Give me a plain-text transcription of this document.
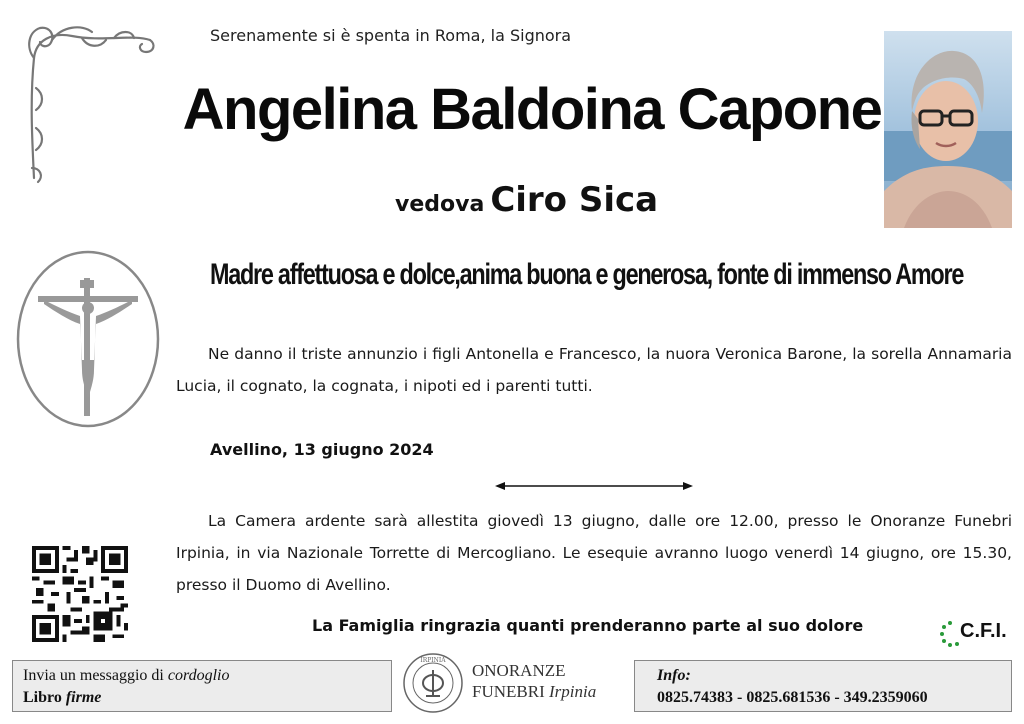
Serenamente si è spenta in Roma, la Signora
Angelina Baldoina Capone
vedova Ciro Sica
Madre affettuosa e dolce,anima buona e generosa, fonte di immenso Amore
Ne danno il triste annunzio i figli Antonella e Francesco, la nuora Veronica Barone, la sorella Annamaria Lucia, il cognato, la cognata, i nipoti ed i parenti tutti.
Avellino, 13 giugno 2024
La Camera ardente sarà allestita giovedì 13 giugno, dalle ore 12.00, presso le Onoranze Funebri Irpinia, in via Nazionale Torrette di Mercogliano. Le esequie avranno luogo venerdì 14 giugno, ore 15.30, presso il Duomo di Avellino.
La Famiglia ringrazia quanti prenderanno parte al suo dolore	C.F.I.
Invia un messaggio di cordoglio
Libro firme
IRPINIA
ONORANZE
FUNEBRI Irpinia
Info:
0825.74383 - 0825.681536 - 349.2359060
